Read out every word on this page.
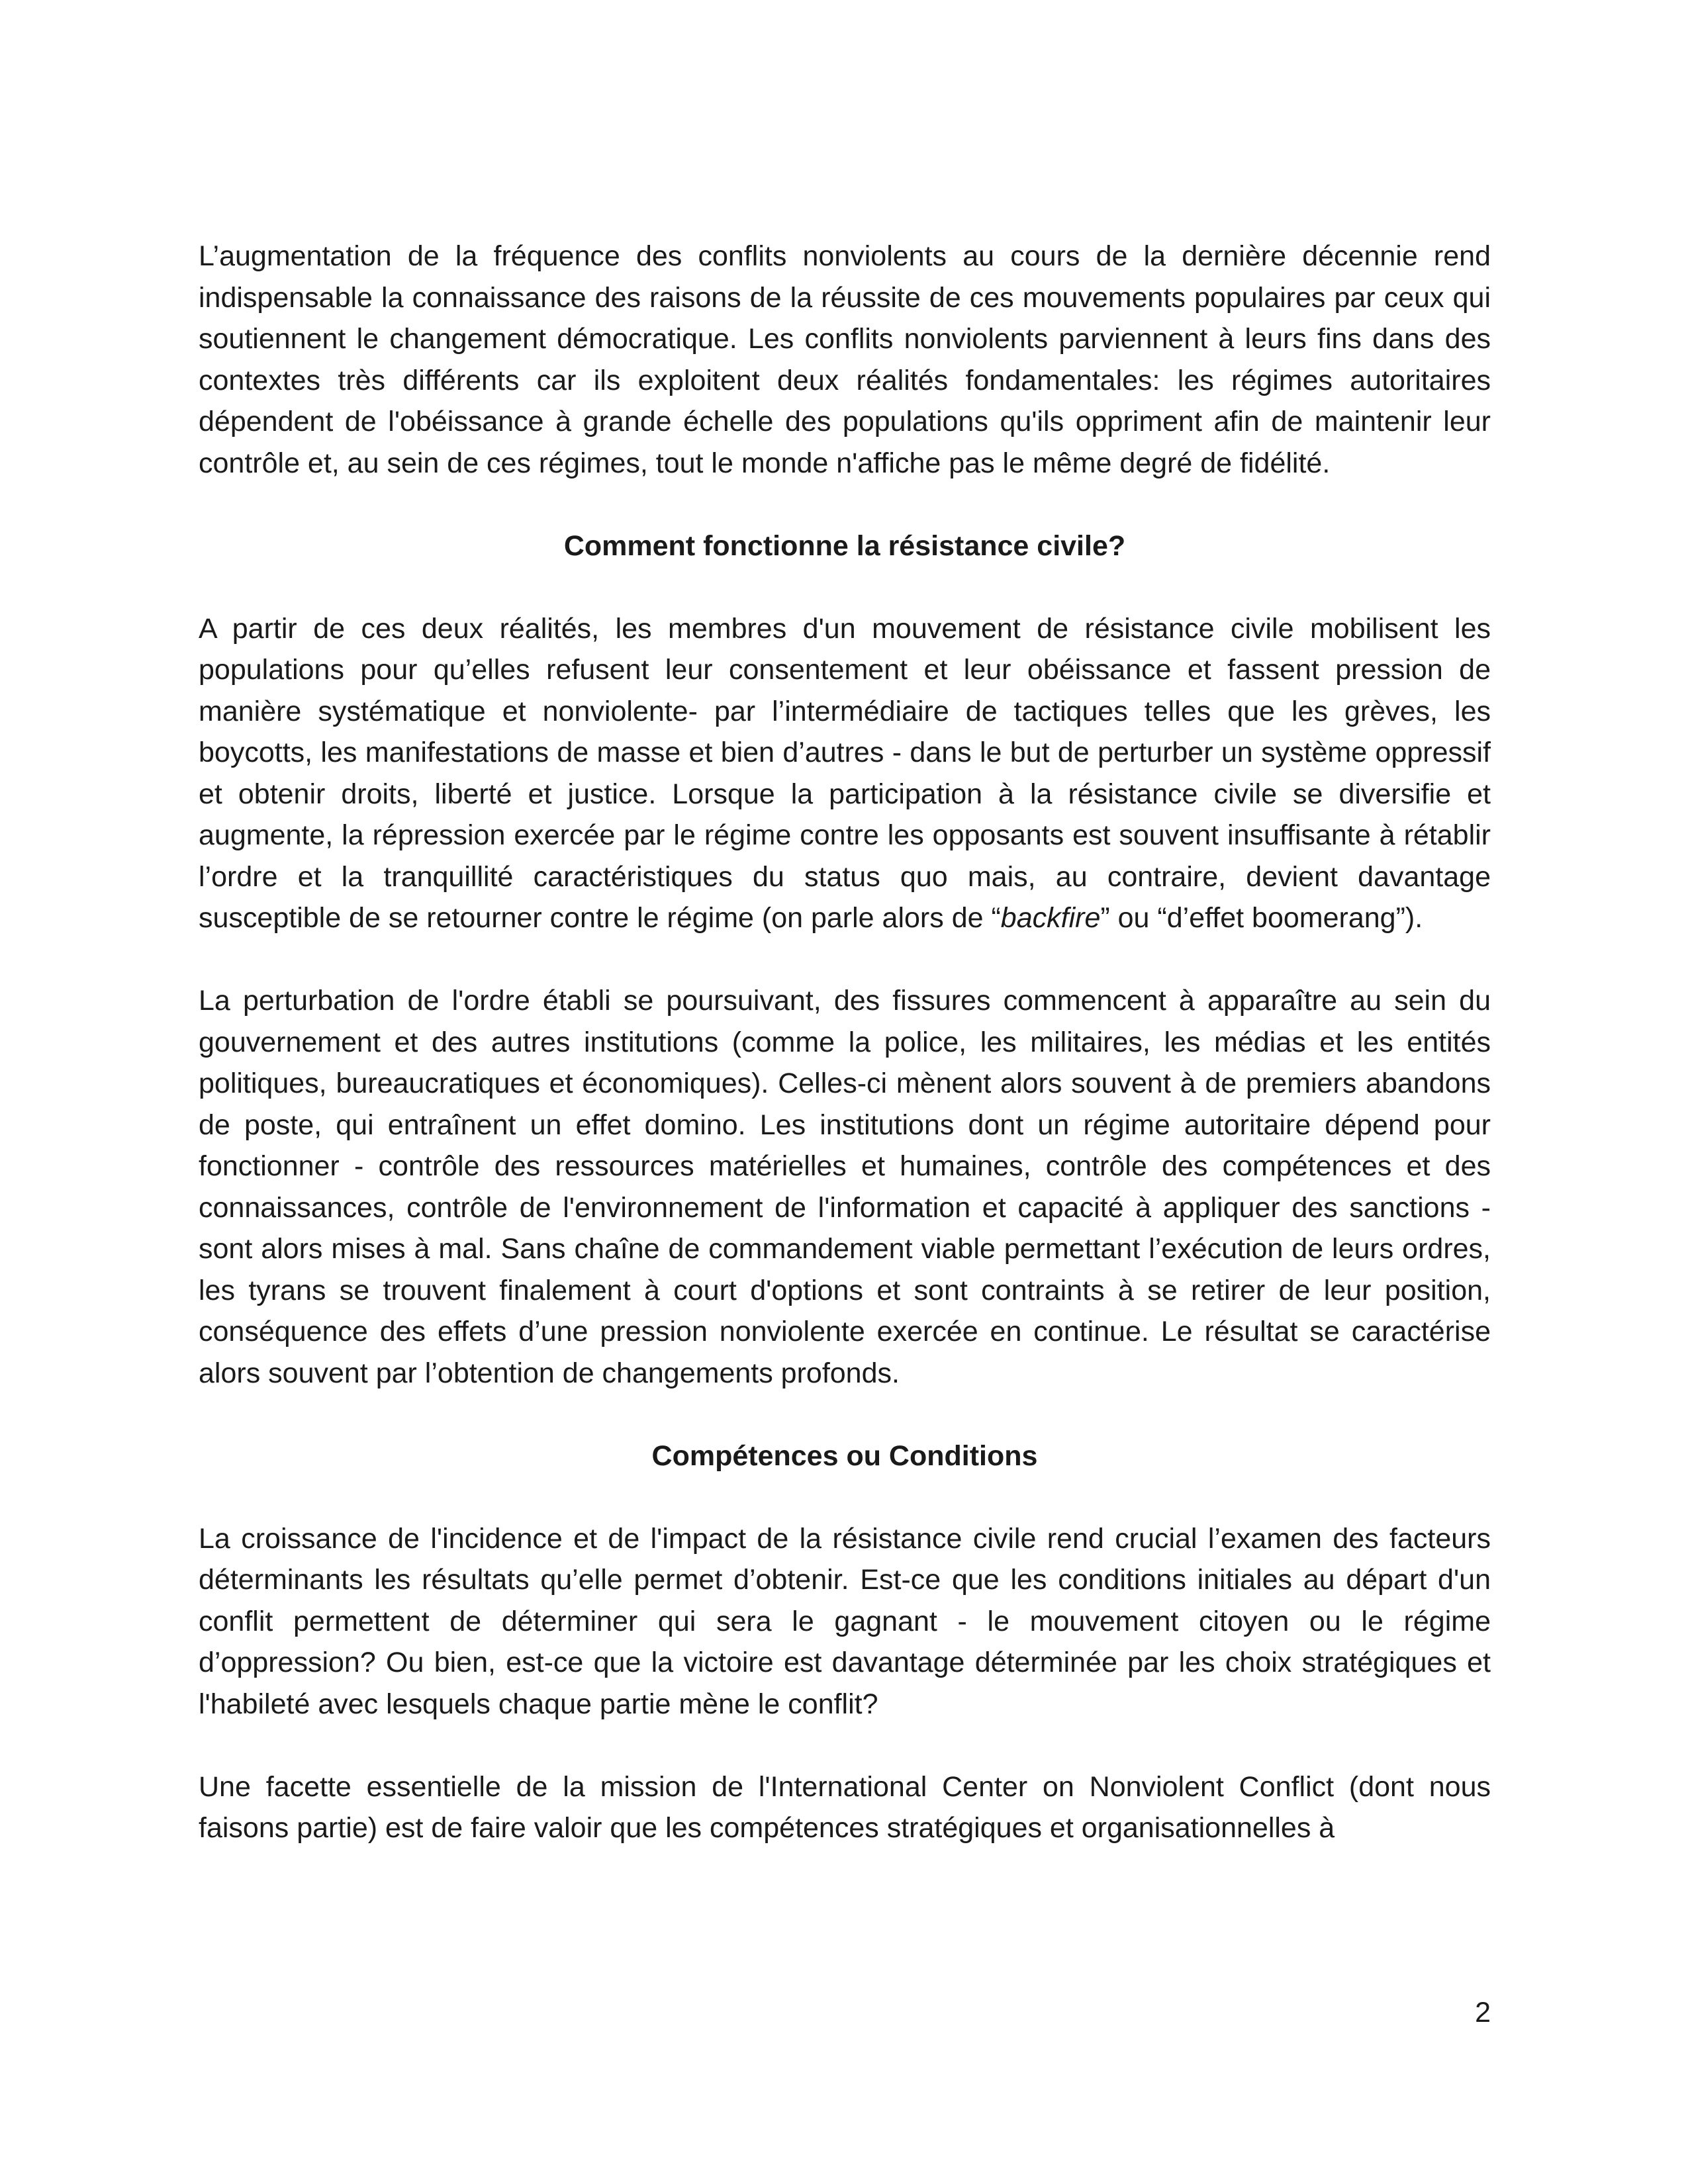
L’augmentation de la fréquence des conflits nonviolents au cours de la dernière décennie rend indispensable la connaissance des raisons de la réussite de ces mouvements populaires par ceux qui soutiennent le changement démocratique. Les conflits nonviolents parviennent à leurs fins dans des contextes très différents car ils exploitent deux réalités fondamentales: les régimes autoritaires dépendent de l'obéissance à grande échelle des populations qu'ils oppriment afin de maintenir leur contrôle et, au sein de ces régimes, tout le monde n'affiche pas le même degré de fidélité.

Comment fonctionne la résistance civile?

A partir de ces deux réalités, les membres d'un mouvement de résistance civile mobilisent les populations pour qu’elles refusent leur consentement et leur obéissance et fassent pression de manière systématique et nonviolente- par l’intermédiaire de tactiques telles que les grèves, les boycotts, les manifestations de masse et bien d’autres - dans le but de perturber un système oppressif et obtenir droits, liberté et justice. Lorsque la participation à la résistance civile se diversifie et augmente, la répression exercée par le régime contre les opposants est souvent insuffisante à rétablir l’ordre et la tranquillité caractéristiques du status quo mais, au contraire, devient davantage susceptible de se retourner contre le régime (on parle alors de “backfire” ou “d’effet boomerang”).

La perturbation de l'ordre établi se poursuivant, des fissures commencent à apparaître au sein du gouvernement et des autres institutions (comme la police, les militaires, les médias et les entités politiques, bureaucratiques et économiques). Celles-ci mènent alors souvent à de premiers abandons de poste, qui entraînent un effet domino. Les institutions dont un régime autoritaire dépend pour fonctionner - contrôle des ressources matérielles et humaines, contrôle des compétences et des connaissances, contrôle de l'environnement de l'information et capacité à appliquer des sanctions - sont alors mises à mal. Sans chaîne de commandement viable permettant l’exécution de leurs ordres, les tyrans se trouvent finalement à court d'options et sont contraints à se retirer de leur position, conséquence des effets d’une pression nonviolente exercée en continue. Le résultat se caractérise alors souvent par l’obtention de changements profonds.

Compétences ou Conditions

La croissance de l'incidence et de l'impact de la résistance civile rend crucial l’examen des facteurs déterminants les résultats qu’elle permet d’obtenir. Est-ce que les conditions initiales au départ d'un conflit permettent de déterminer qui sera le gagnant - le mouvement citoyen ou le régime d’oppression? Ou bien, est-ce que la victoire est davantage déterminée par les choix stratégiques et l'habileté avec lesquels chaque partie mène le conflit?

Une facette essentielle de la mission de l'International Center on Nonviolent Conflict (dont nous faisons partie) est de faire valoir que les compétences stratégiques et organisationnelles à

2
